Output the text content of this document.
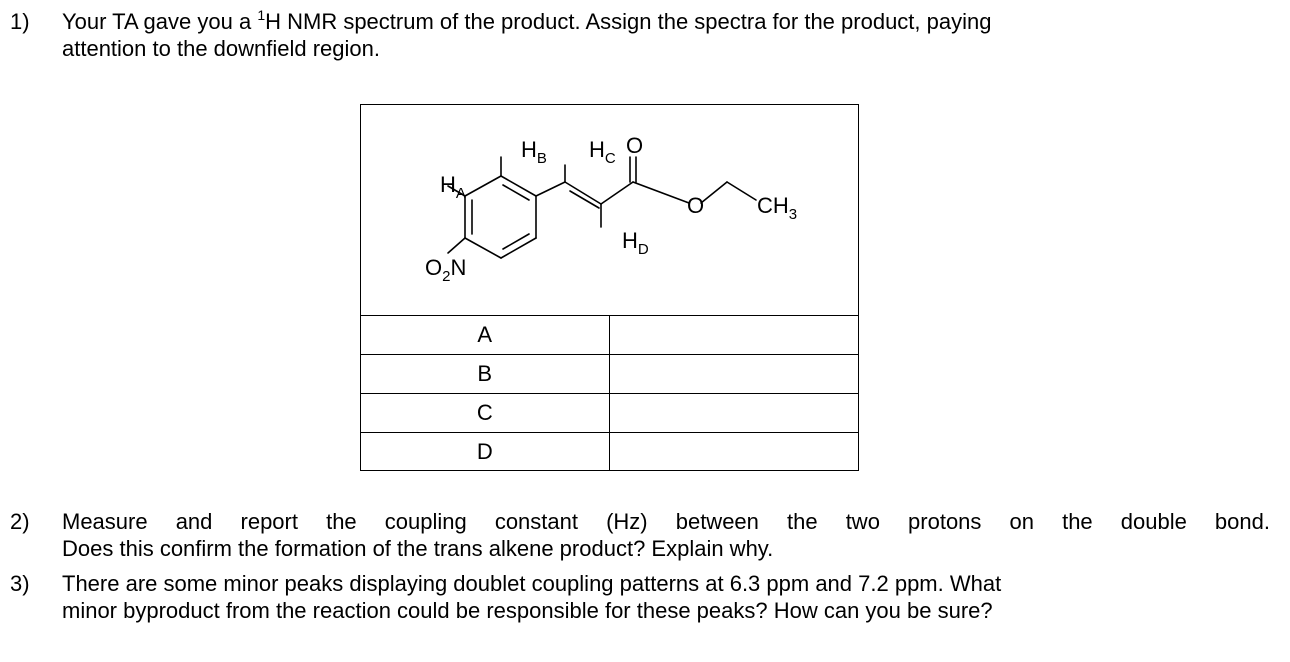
1)	Your TA gave you a $^1$H NMR spectrum of the product. Assign the spectra for the product, paying
attention to the downfield region.
$H_B$ $H_C$
O
$H_A$	O $CH_3$
$H_D$
$O_2N$
A	
B	
C	
D	
2)	Measure and report the coupling constant (Hz) between the two protons on the double bond.
Does this confirm the formation of the trans alkene product? Explain why.
3)	There are some minor peaks displaying doublet coupling patterns at 6.3 ppm and 7.2 ppm. What
minor byproduct from the reaction could be responsible for these peaks? How can you be sure?
